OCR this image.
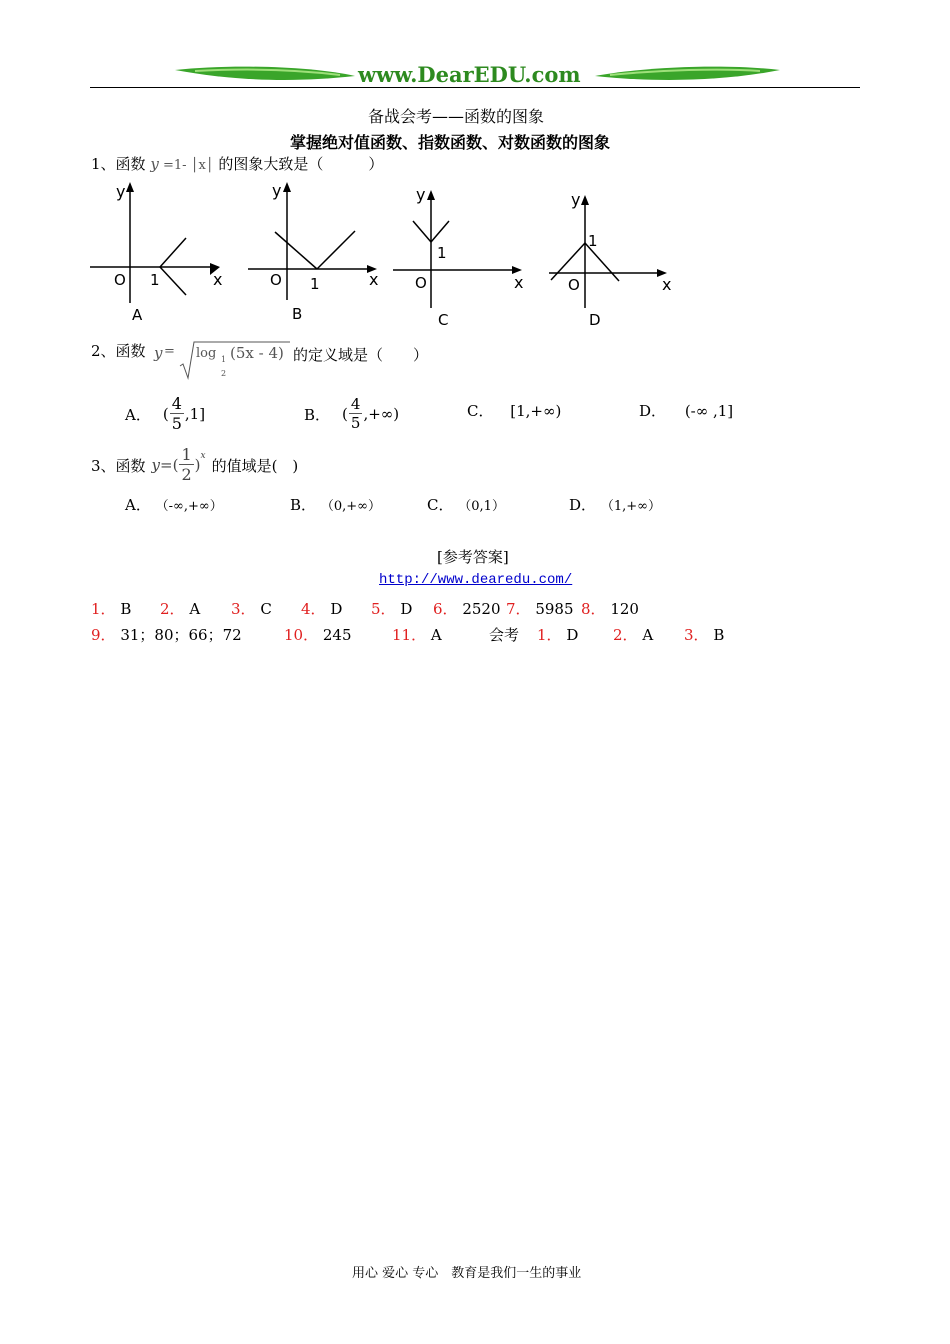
www.DearEDU.com
备战会考——函数的图象
掌握绝对值函数、指数函数、对数函数的图象
1、函数 y =1- │x│ 的图象大致是（　　　）
y
O 1	x
A
y
O 1	x
B
y
1
O	x
C
y
1
O	x
D
2、函数 y = log 1
2
(5x - 4) 的定义域是（　　）
A． ( $\frac{4}{5} ,1$]	B． ( $\frac{4}{5}$ ,+∞)	C． [1,+∞)	D． (-∞ ,1]
3、函数 y =( $\frac{1}{2}$ ) x
的值域是(　)
A． （-∞,+∞）	B． （0,+∞）	C． （0,1）	D． （1,+∞）
[参考答案]
http://www.dearedu.com/
1． B	2． A	3． C	4． D	5． D	6． 2520 7． 5985 8． 120
9． 31；80；66；72	10． 245	11． A	会考	1． D	2． A	3． B
用心 爱心 专心　教育是我们一生的事业
